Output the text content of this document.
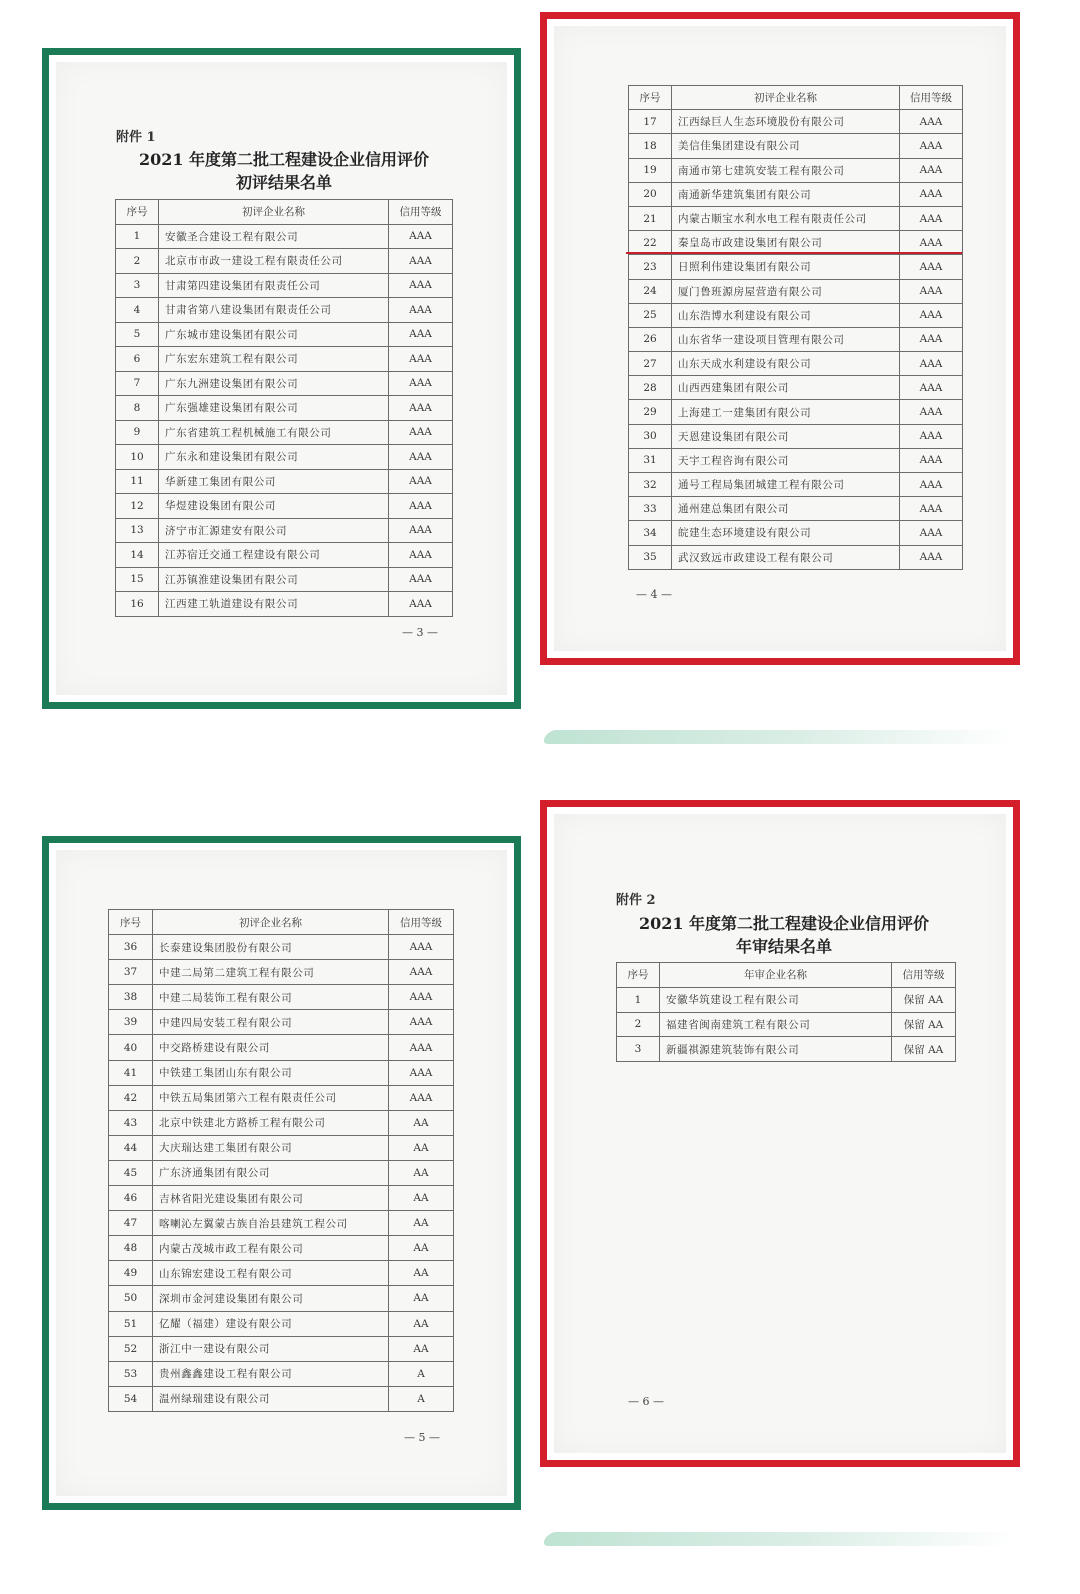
附件 1
2021 年度第二批工程建设企业信用评价
初评结果名单
序号	初评企业名称	信用等级
1	安徽圣合建设工程有限公司	AAA
2	北京市市政一建设工程有限责任公司	AAA
3	甘肃第四建设集团有限责任公司	AAA
4	甘肃省第八建设集团有限责任公司	AAA
5	广东城市建设集团有限公司	AAA
6	广东宏东建筑工程有限公司	AAA
7	广东九洲建设集团有限公司	AAA
8	广东强雄建设集团有限公司	AAA
9	广东省建筑工程机械施工有限公司	AAA
10	广东永和建设集团有限公司	AAA
11	华新建工集团有限公司	AAA
12	华煜建设集团有限公司	AAA
13	济宁市汇源建安有限公司	AAA
14	江苏宿迁交通工程建设有限公司	AAA
15	江苏镇淮建设集团有限公司	AAA
16	江西建工轨道建设有限公司	AAA
— 3 —
序号	初评企业名称	信用等级
17	江西绿巨人生态环境股份有限公司	AAA
18	美信佳集团建设有限公司	AAA
19	南通市第七建筑安装工程有限公司	AAA
20	南通新华建筑集团有限公司	AAA
21	内蒙古顺宝水利水电工程有限责任公司	AAA
22	秦皇岛市政建设集团有限公司	AAA
23	日照利伟建设集团有限公司	AAA
24	厦门鲁班源房屋营造有限公司	AAA
25	山东浩博水利建设有限公司	AAA
26	山东省华一建设项目管理有限公司	AAA
27	山东天成水利建设有限公司	AAA
28	山西西建集团有限公司	AAA
29	上海建工一建集团有限公司	AAA
30	天恩建设集团有限公司	AAA
31	天宇工程咨询有限公司	AAA
32	通号工程局集团城建工程有限公司	AAA
33	通州建总集团有限公司	AAA
34	皖建生态环境建设有限公司	AAA
35	武汉致远市政建设工程有限公司	AAA
— 4 —
序号	初评企业名称	信用等级
36	长泰建设集团股份有限公司	AAA
37	中建二局第二建筑工程有限公司	AAA
38	中建二局装饰工程有限公司	AAA
39	中建四局安装工程有限公司	AAA
40	中交路桥建设有限公司	AAA
41	中铁建工集团山东有限公司	AAA
42	中铁五局集团第六工程有限责任公司	AAA
43	北京中铁建北方路桥工程有限公司	AA
44	大庆瑞达建工集团有限公司	AA
45	广东济通集团有限公司	AA
46	吉林省阳光建设集团有限公司	AA
47	喀喇沁左翼蒙古族自治县建筑工程公司	AA
48	内蒙古茂城市政工程有限公司	AA
49	山东锦宏建设工程有限公司	AA
50	深圳市金河建设集团有限公司	AA
51	亿耀（福建）建设有限公司	AA
52	浙江中一建设有限公司	AA
53	贵州鑫鑫建设工程有限公司	A
54	温州绿瑞建设有限公司	A
— 5 —
附件 2
2021 年度第二批工程建设企业信用评价
年审结果名单
序号	年审企业名称	信用等级
1	安徽华筑建设工程有限公司	保留 AA
2	福建省闽南建筑工程有限公司	保留 AA
3	新疆祺源建筑装饰有限公司	保留 AA
— 6 —
